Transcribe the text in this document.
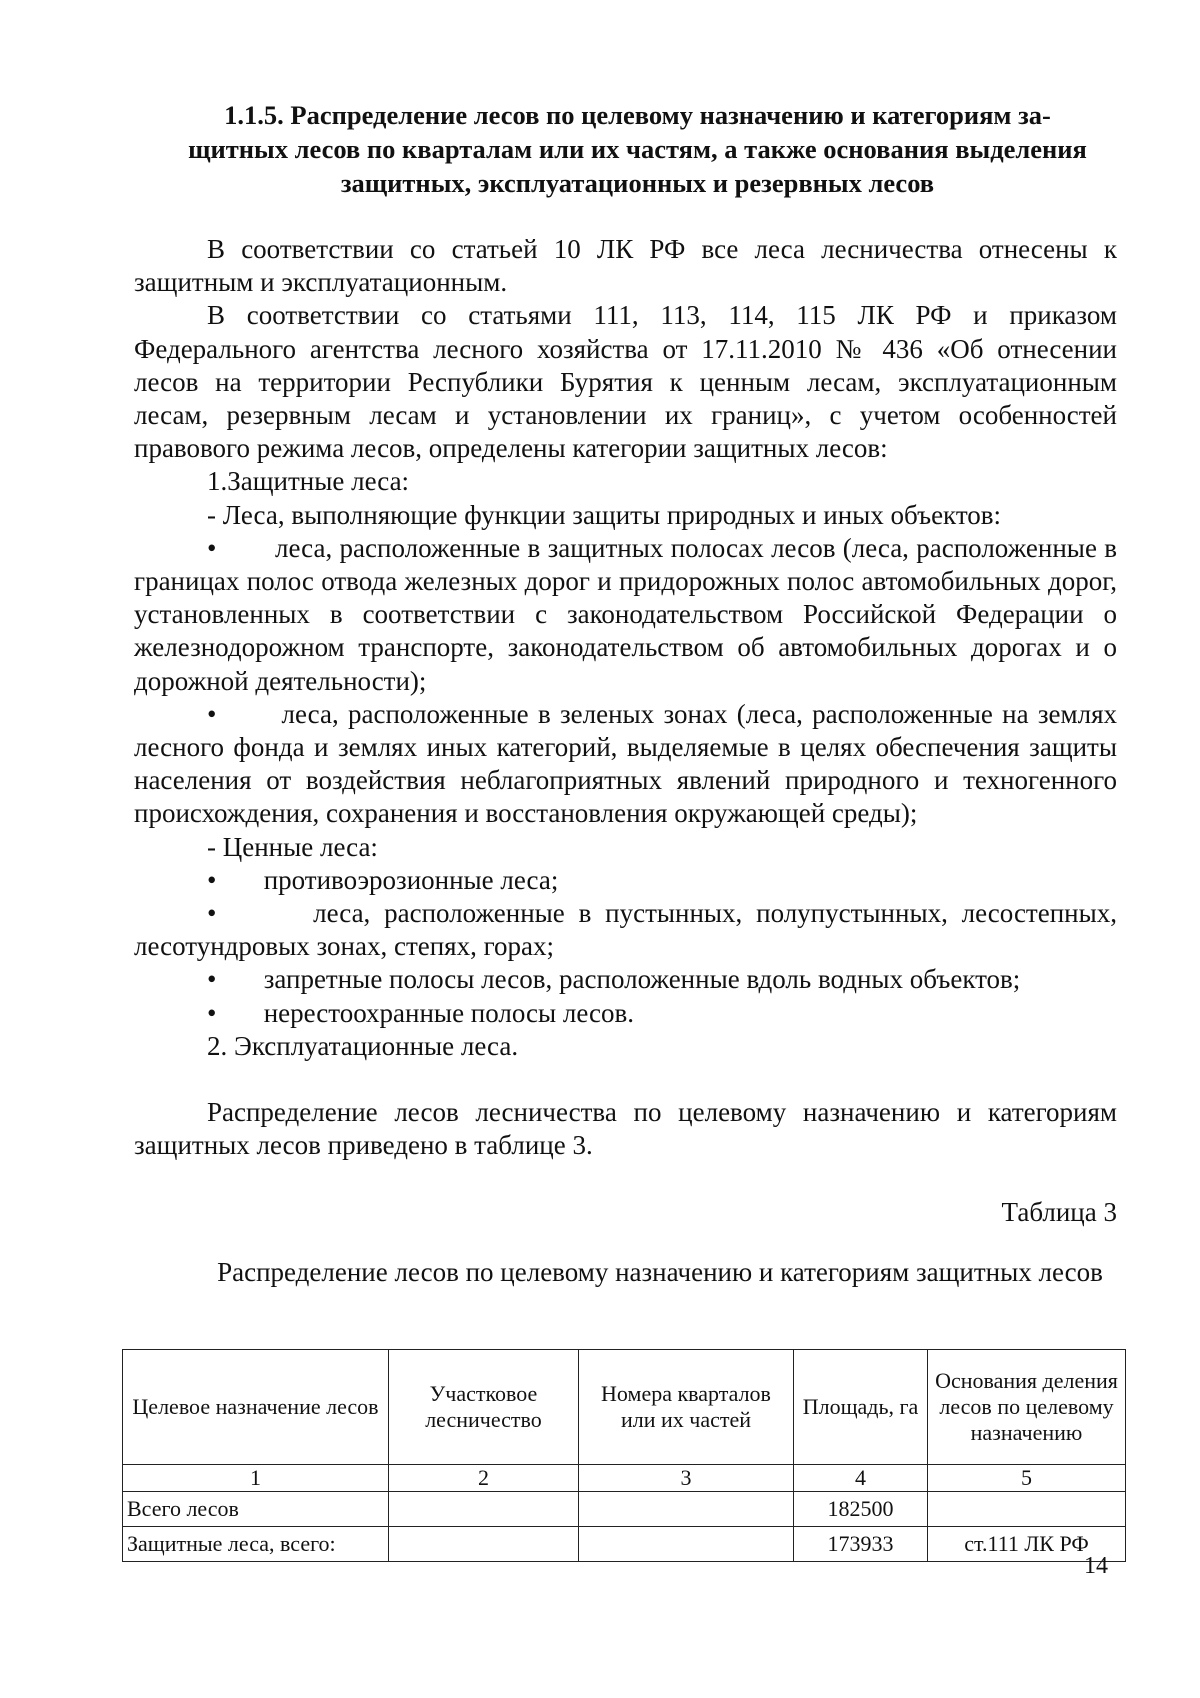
1.1.5. Распределение лесов по целевому назначению и категориям за-
щитных лесов по кварталам или их частям, а также основания выделения
защитных, эксплуатационных и резервных лесов

В соответствии со статьей 10 ЛК РФ все леса лесничества отнесены к защитным и эксплуатационным.

В соответствии со статьями 111, 113, 114, 115 ЛК РФ и приказом Федерального агентства лесного хозяйства от 17.11.2010 № 436 «Об отнесении лесов на территории Республики Бурятия к ценным лесам, эксплуатационным лесам, резервным лесам и установлении их границ», с учетом особенностей правового режима лесов, определены категории защитных лесов:

1.Защитные леса:

- Леса, выполняющие функции защиты природных и иных объектов:

• леса, расположенные в защитных полосах лесов (леса, расположенные в границах полос отвода железных дорог и придорожных полос автомобильных дорог, установленных в соответствии с законодательством Российской Федерации о железнодорожном транспорте, законодательством об автомобильных дорогах и о дорожной деятельности);

• леса, расположенные в зеленых зонах (леса, расположенные на землях лесного фонда и землях иных категорий, выделяемые в целях обеспечения защиты населения от воздействия неблагоприятных явлений природного и техногенного происхождения, сохранения и восстановления окружающей среды);

- Ценные леса:

• противоэрозионные леса;

•	леса, расположенные в пустынных, полупустынных, лесостепных, лесотундровых зонах, степях, горах;

• запретные полосы лесов, расположенные вдоль водных объектов;

• нерестоохранные полосы лесов.

2. Эксплуатационные леса.

Распределение лесов лесничества по целевому назначению и категориям защитных лесов приведено в таблице 3.

Таблица 3
Распределение лесов по целевому назначению и категориям защитных лесов
Целевое назначение лесов	Участковое лесничество	Номера кварталов или их частей	Площадь, га	Основания деления лесов по целевому назначению
1	2	3	4	5
Всего лесов			182500	
Защитные леса, всего:			173933	ст.111 ЛК РФ
14
